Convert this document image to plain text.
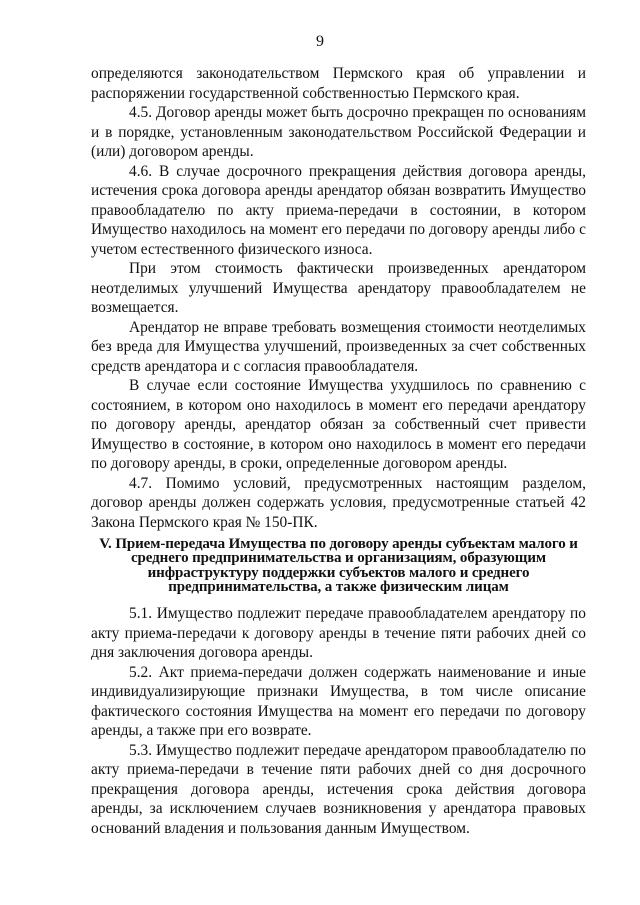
9

определяются законодательством Пермского края об управлении и распоряжении государственной собственностью Пермского края.

4.5. Договор аренды может быть досрочно прекращен по основаниям и в порядке, установленным законодательством Российской Федерации и (или) договором аренды.

4.6. В случае досрочного прекращения действия договора аренды, истечения срока договора аренды арендатор обязан возвратить Имущество правообладателю по акту приема-передачи в состоянии, в котором Имущество находилось на момент его передачи по договору аренды либо с учетом естественного физического износа.

При этом стоимость фактически произведенных арендатором неотделимых улучшений Имущества арендатору правообладателем не возмещается.

Арендатор не вправе требовать возмещения стоимости неотделимых без вреда для Имущества улучшений, произведенных за счет собственных средств арендатора и с согласия правообладателя.

В случае если состояние Имущества ухудшилось по сравнению с состоянием, в котором оно находилось в момент его передачи арендатору по договору аренды, арендатор обязан за собственный счет привести Имущество в состояние, в котором оно находилось в момент его передачи по договору аренды, в сроки, определенные договором аренды.

4.7. Помимо условий, предусмотренных настоящим разделом, договор аренды должен содержать условия, предусмотренные статьей 42 Закона Пермского края № 150-ПК.

V. Прием-передача Имущества по договору аренды субъектам малого и среднего предпринимательства и организациям, образующим инфраструктуру поддержки субъектов малого и среднего предпринимательства, а также физическим лицам

5.1. Имущество подлежит передаче правообладателем арендатору по акту приема-передачи к договору аренды в течение пяти рабочих дней со дня заключения договора аренды.

5.2. Акт приема-передачи должен содержать наименование и иные индивидуализирующие признаки Имущества, в том числе описание фактического состояния Имущества на момент его передачи по договору аренды, а также при его возврате.

5.3. Имущество подлежит передаче арендатором правообладателю по акту приема-передачи в течение пяти рабочих дней со дня досрочного прекращения договора аренды, истечения срока действия договора аренды, за исключением случаев возникновения у арендатора правовых оснований владения и пользования данным Имуществом.
